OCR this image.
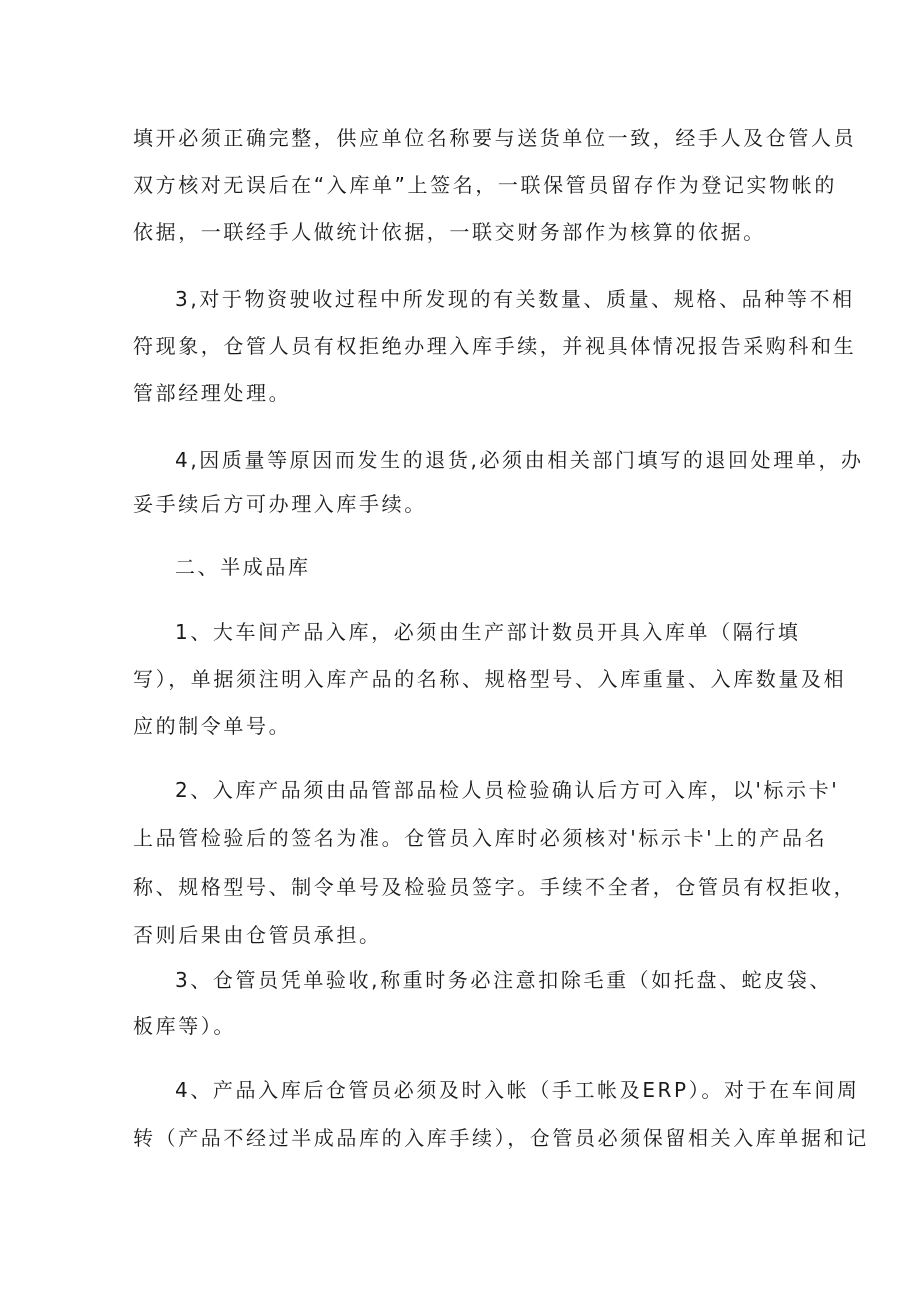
填开必须正确完整，供应单位名称要与送货单位一致，经手人及仓管人员
双方核对无误后在“入库单”上签名，一联保管员留存作为登记实物帐的
依据，一联经手人做统计依据，一联交财务部作为核算的依据。
3,对于物资驶收过程中所发现的有关数量、质量、规格、品种等不相
符现象，仓管人员有权拒绝办理入库手续，并视具体情况报告采购科和生
管部经理处理。
4,因质量等原因而发生的退货,必须由相关部门填写的退回处理单，办
妥手续后方可办理入库手续。
二、半成品库
1、大车间产品入库，必须由生产部计数员开具入库单（隔行填
写），单据须注明入库产品的名称、规格型号、入库重量、入库数量及相
应的制令单号。
2、入库产品须由品管部品检人员检验确认后方可入库，以'标示卡'
上品管检验后的签名为准。仓管员入库时必须核对'标示卡'上的产品名
称、规格型号、制令单号及检验员签字。手续不全者，仓管员有权拒收，
否则后果由仓管员承担。
3、仓管员凭单验收,称重时务必注意扣除毛重（如托盘、蛇皮袋、
板库等）。
4、产品入库后仓管员必须及时入帐（手工帐及ERP）。对于在车间周
转（产品不经过半成品库的入库手续），仓管员必须保留相关入库单据和记
